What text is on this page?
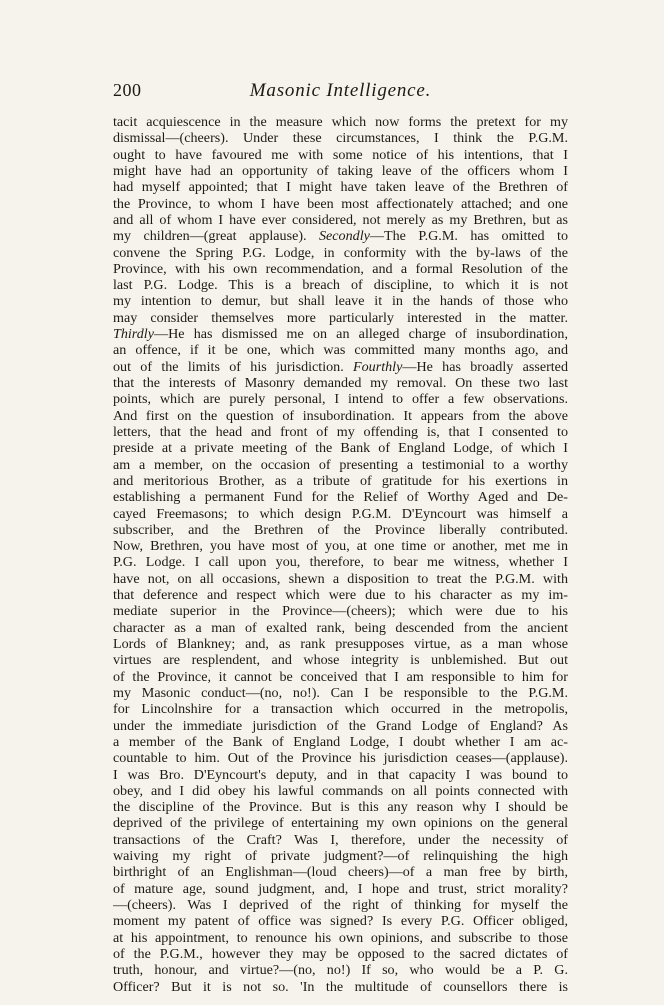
200	Masonic Intelligence.
tacit acquiescence in the measure which now forms the pretext for my
dismissal—(cheers). Under these circumstances, I think the P.G.M.
ought to have favoured me with some notice of his intentions, that I
might have had an opportunity of taking leave of the officers whom I
had myself appointed; that I might have taken leave of the Brethren of
the Province, to whom I have been most affectionately attached; and one
and all of whom I have ever considered, not merely as my Brethren, but as
my children—(great applause). Secondly—The P.G.M. has omitted to
convene the Spring P.G. Lodge, in conformity with the by-laws of the
Province, with his own recommendation, and a formal Resolution of the
last P.G. Lodge. This is a breach of discipline, to which it is not
my intention to demur, but shall leave it in the hands of those who
may consider themselves more particularly interested in the matter.
Thirdly—He has dismissed me on an alleged charge of insubordination,
an offence, if it be one, which was committed many months ago, and
out of the limits of his jurisdiction. Fourthly—He has broadly asserted
that the interests of Masonry demanded my removal. On these two last
points, which are purely personal, I intend to offer a few observations.
And first on the question of insubordination. It appears from the above
letters, that the head and front of my offending is, that I consented to
preside at a private meeting of the Bank of England Lodge, of which I
am a member, on the occasion of presenting a testimonial to a worthy
and meritorious Brother, as a tribute of gratitude for his exertions in
establishing a permanent Fund for the Relief of Worthy Aged and De-
cayed Freemasons; to which design P.G.M. D'Eyncourt was himself a
subscriber, and the Brethren of the Province liberally contributed.
Now, Brethren, you have most of you, at one time or another, met me in
P.G. Lodge. I call upon you, therefore, to bear me witness, whether I
have not, on all occasions, shewn a disposition to treat the P.G.M. with
that deference and respect which were due to his character as my im-
mediate superior in the Province—(cheers); which were due to his
character as a man of exalted rank, being descended from the ancient
Lords of Blankney; and, as rank presupposes virtue, as a man whose
virtues are resplendent, and whose integrity is unblemished. But out
of the Province, it cannot be conceived that I am responsible to him for
my Masonic conduct—(no, no!). Can I be responsible to the P.G.M.
for Lincolnshire for a transaction which occurred in the metropolis,
under the immediate jurisdiction of the Grand Lodge of England? As
a member of the Bank of England Lodge, I doubt whether I am ac-
countable to him. Out of the Province his jurisdiction ceases—(applause).
I was Bro. D'Eyncourt's deputy, and in that capacity I was bound to
obey, and I did obey his lawful commands on all points connected with
the discipline of the Province. But is this any reason why I should be
deprived of the privilege of entertaining my own opinions on the general
transactions of the Craft? Was I, therefore, under the necessity of
waiving my right of private judgment?—of relinquishing the high
birthright of an Englishman—(loud cheers)—of a man free by birth,
of mature age, sound judgment, and, I hope and trust, strict morality?
—(cheers). Was I deprived of the right of thinking for myself the
moment my patent of office was signed? Is every P.G. Officer obliged,
at his appointment, to renounce his own opinions, and subscribe to those
of the P.G.M., however they may be opposed to the sacred dictates of
truth, honour, and virtue?—(no, no!) If so, who would be a P. G.
Officer? But it is not so. 'In the multitude of counsellors there is
